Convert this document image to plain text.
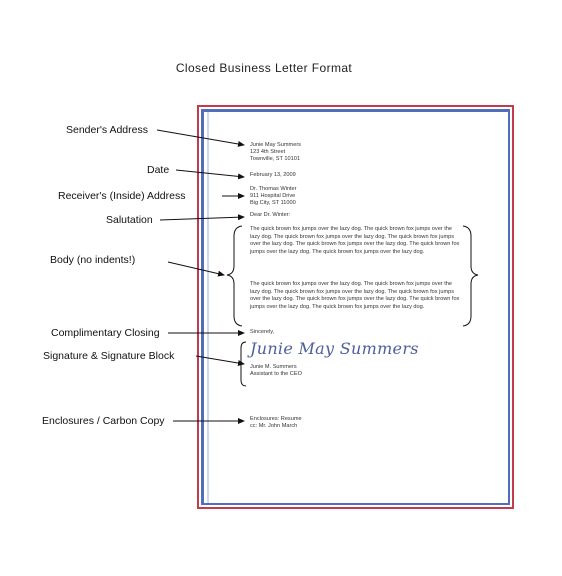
Closed Business Letter Format
Junie May Summers
123 4th Street
Townville, ST 10101
February 13, 2009
Dr. Thomas Winter
911 Hospital Drive
Big City, ST 11000
Dear Dr. Winter:
The quick brown fox jumps over the lazy dog. The quick brown fox jumps over the lazy dog. The quick brown fox jumps over the lazy dog. The quick brown fox jumps over the lazy dog. The quick brown fox jumps over the lazy dog. The quick brown fox jumps over the lazy dog. The quick brown fox jumps over the lazy dog.
The quick brown fox jumps over the lazy dog. The quick brown fox jumps over the lazy dog. The quick brown fox jumps over the lazy dog. The quick brown fox jumps over the lazy dog. The quick brown fox jumps over the lazy dog. The quick brown fox jumps over the lazy dog. The quick brown fox jumps over the lazy dog.
Sincerely,
Junie May Summers
Junie M. Summers
Assistant to the CEO
Enclosures: Resume
cc: Mr. John March
Sender's Address
Date
Receiver's (Inside) Address
Salutation
Body (no indents!)
Complimentary Closing
Signature & Signature Block
Enclosures / Carbon Copy
